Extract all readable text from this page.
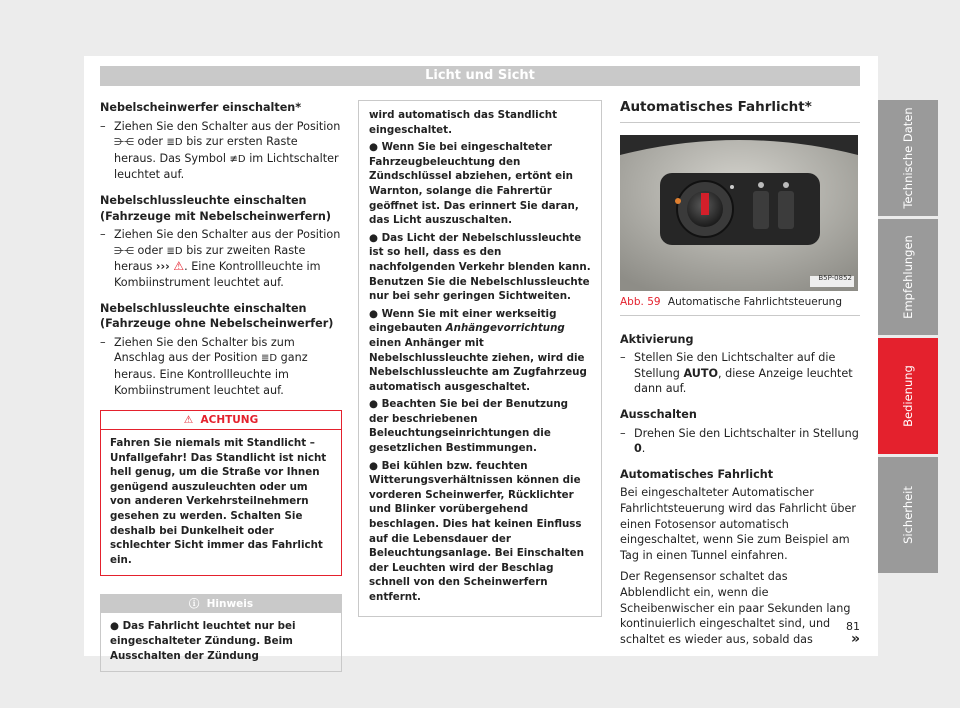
Licht und Sicht

Nebelscheinwerfer einschalten*

– Ziehen Sie den Schalter aus der Position ⋺⋲ oder ≣D bis zur ersten Raste heraus. Das Symbol ≢D im Lichtschalter leuchtet auf.

Nebelschlussleuchte einschalten (Fahrzeuge mit Nebelscheinwerfern)

– Ziehen Sie den Schalter aus der Position ⋺⋲ oder ≣D bis zur zweiten Raste heraus ››› ⚠. Eine Kontrollleuchte im Kombiinstrument leuchtet auf.

Nebelschlussleuchte einschalten (Fahrzeuge ohne Nebelscheinwerfer)

– Ziehen Sie den Schalter bis zum Anschlag aus der Position ≣D ganz heraus. Eine Kontrollleuchte im Kombiinstrument leuchtet auf.
⚠ ACHTUNG
Fahren Sie niemals mit Standlicht – Unfallgefahr! Das Standlicht ist nicht hell genug, um die Straße vor Ihnen genügend auszuleuchten oder um von anderen Verkehrsteilnehmern gesehen zu werden. Schalten Sie deshalb bei Dunkelheit oder schlechter Sicht immer das Fahrlicht ein.
ⓘ Hinweis
● Das Fahrlicht leuchtet nur bei eingeschalteter Zündung. Beim Ausschalten der Zündung

wird automatisch das Standlicht eingeschaltet.

● Wenn Sie bei eingeschalteter Fahrzeugbeleuchtung den Zündschlüssel abziehen, ertönt ein Warnton, solange die Fahrertür geöffnet ist. Das erinnert Sie daran, das Licht auszuschalten.

● Das Licht der Nebelschlussleuchte ist so hell, dass es den nachfolgenden Verkehr blenden kann. Benutzen Sie die Nebelschlussleuchte nur bei sehr geringen Sichtweiten.

● Wenn Sie mit einer werkseitig eingebauten Anhängevorrichtung einen Anhänger mit Nebelschlussleuchte ziehen, wird die Nebelschlussleuchte am Zugfahrzeug automatisch ausgeschaltet.

● Beachten Sie bei der Benutzung der beschriebenen Beleuchtungseinrichtungen die gesetzlichen Bestimmungen.

● Bei kühlen bzw. feuchten Witterungsverhältnissen können die vorderen Scheinwerfer, Rücklichter und Blinker vorübergehend beschlagen. Dies hat keinen Einfluss auf die Lebensdauer der Beleuchtungsanlage. Bei Einschalten der Leuchten wird der Beschlag schnell von den Scheinwerfern entfernt.

Automatisches Fahrlicht*
B5P-0852
Abb. 59 Automatische Fahrlichtsteuerung

Aktivierung

– Stellen Sie den Lichtschalter auf die Stellung AUTO, diese Anzeige leuchtet dann auf.

Ausschalten

– Drehen Sie den Lichtschalter in Stellung 0.

Automatisches Fahrlicht

Bei eingeschalteter Automatischer Fahrlichtsteuerung wird das Fahrlicht über einen Fotosensor automatisch eingeschaltet, wenn Sie zum Beispiel am Tag in einen Tunnel einfahren.

Der Regensensor schaltet das Abblendlicht ein, wenn die Scheibenwischer ein paar Sekunden lang kontinuierlich eingeschaltet sind, und schaltet es wieder aus, sobald das	»

Technische Daten
Empfehlungen
Bedienung
Sicherheit
81
